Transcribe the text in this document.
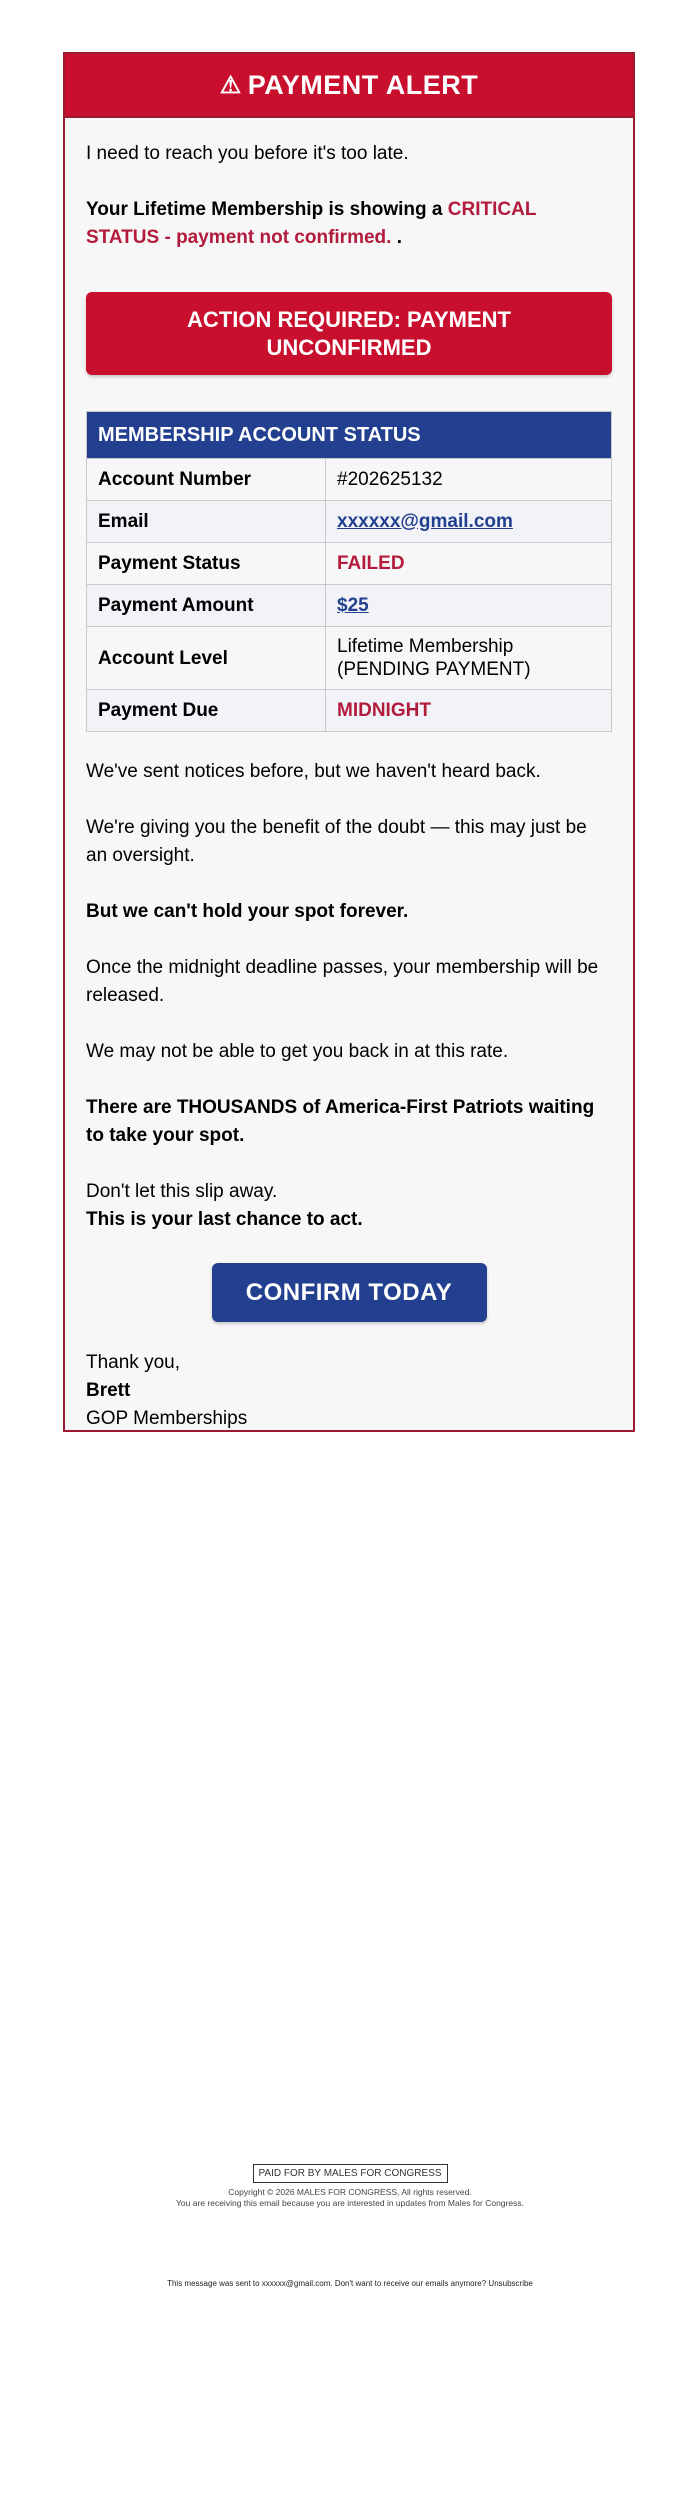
⚠ PAYMENT ALERT

I need to reach you before it's too late.

Your Lifetime Membership is showing a CRITICAL STATUS - payment not confirmed. .

ACTION REQUIRED: PAYMENT UNCONFIRMED
MEMBERSHIP ACCOUNT STATUS	
Account Number	#202625132
Email	xxxxxx@gmail.com
Payment Status	FAILED
Payment Amount	$25
Account Level	Lifetime Membership (PENDING PAYMENT)
Payment Due	MIDNIGHT

We've sent notices before, but we haven't heard back.

We're giving you the benefit of the doubt — this may just be an oversight.

But we can't hold your spot forever.

Once the midnight deadline passes, your membership will be released.

We may not be able to get you back in at this rate.

There are THOUSANDS of America-First Patriots waiting to take your spot.

Don't let this slip away.

This is your last chance to act.

CONFIRM TODAY

Thank you,

Brett

GOP Memberships

PAID FOR BY MALES FOR CONGRESS
Copyright © 2026 MALES FOR CONGRESS, All rights reserved.
You are receiving this email because you are interested in updates from Males for Congress.
This message was sent to xxxxxx@gmail.com. Don't want to receive our emails anymore? Unsubscribe
